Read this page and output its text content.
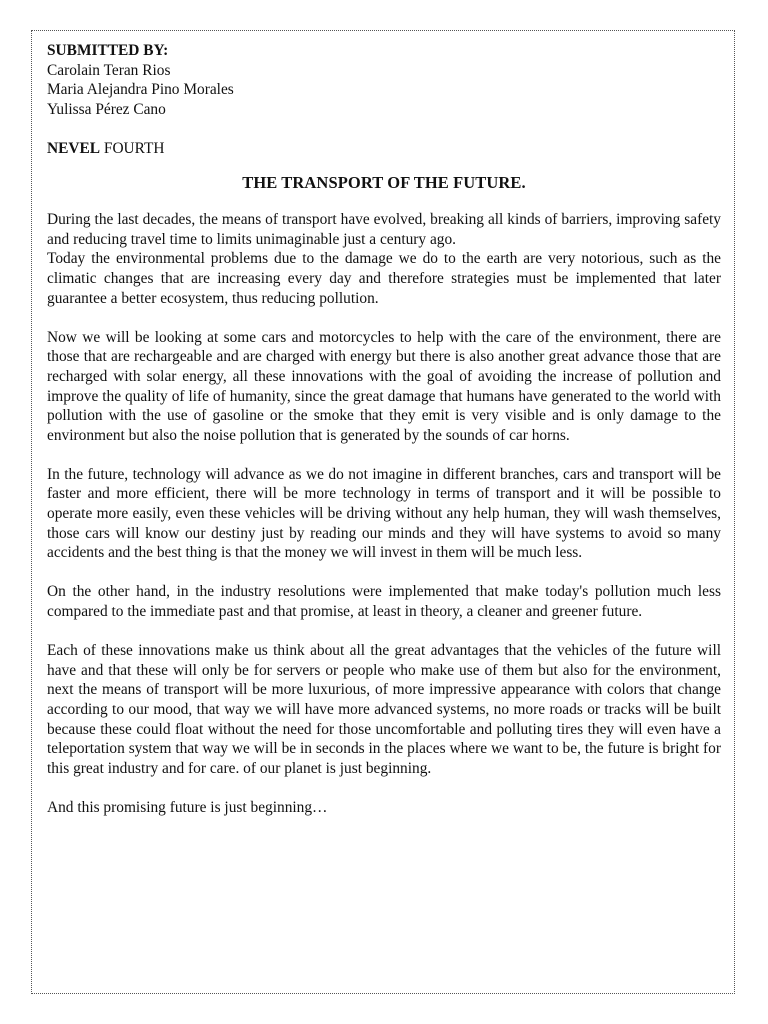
SUBMITTED BY:

Carolain Teran Rios

Maria Alejandra Pino Morales

Yulissa Pérez Cano

NEVEL FOURTH

THE TRANSPORT OF THE FUTURE.

During the last decades, the means of transport have evolved, breaking all kinds of barriers, improving safety and reducing travel time to limits unimaginable just a century ago.

Today the environmental problems due to the damage we do to the earth are very notorious, such as the climatic changes that are increasing every day and therefore strategies must be implemented that later guarantee a better ecosystem, thus reducing pollution.

Now we will be looking at some cars and motorcycles to help with the care of the environment, there are those that are rechargeable and are charged with energy but there is also another great advance those that are recharged with solar energy, all these innovations with the goal of avoiding the increase of pollution and improve the quality of life of humanity, since the great damage that humans have generated to the world with pollution with the use of gasoline or the smoke that they emit is very visible and is only damage to the environment but also the noise pollution that is generated by the sounds of car horns.

In the future, technology will advance as we do not imagine in different branches, cars and transport will be faster and more efficient, there will be more technology in terms of transport and it will be possible to operate more easily, even these vehicles will be driving without any help human, they will wash themselves, those cars will know our destiny just by reading our minds and they will have systems to avoid so many accidents and the best thing is that the money we will invest in them will be much less.

On the other hand, in the industry resolutions were implemented that make today's pollution much less compared to the immediate past and that promise, at least in theory, a cleaner and greener future.

Each of these innovations make us think about all the great advantages that the vehicles of the future will have and that these will only be for servers or people who make use of them but also for the environment, next the means of transport will be more luxurious, of more impressive appearance with colors that change according to our mood, that way we will have more advanced systems, no more roads or tracks will be built because these could float without the need for those uncomfortable and polluting tires they will even have a teleportation system that way we will be in seconds in the places where we want to be, the future is bright for this great industry and for care. of our planet is just beginning.

And this promising future is just beginning…
